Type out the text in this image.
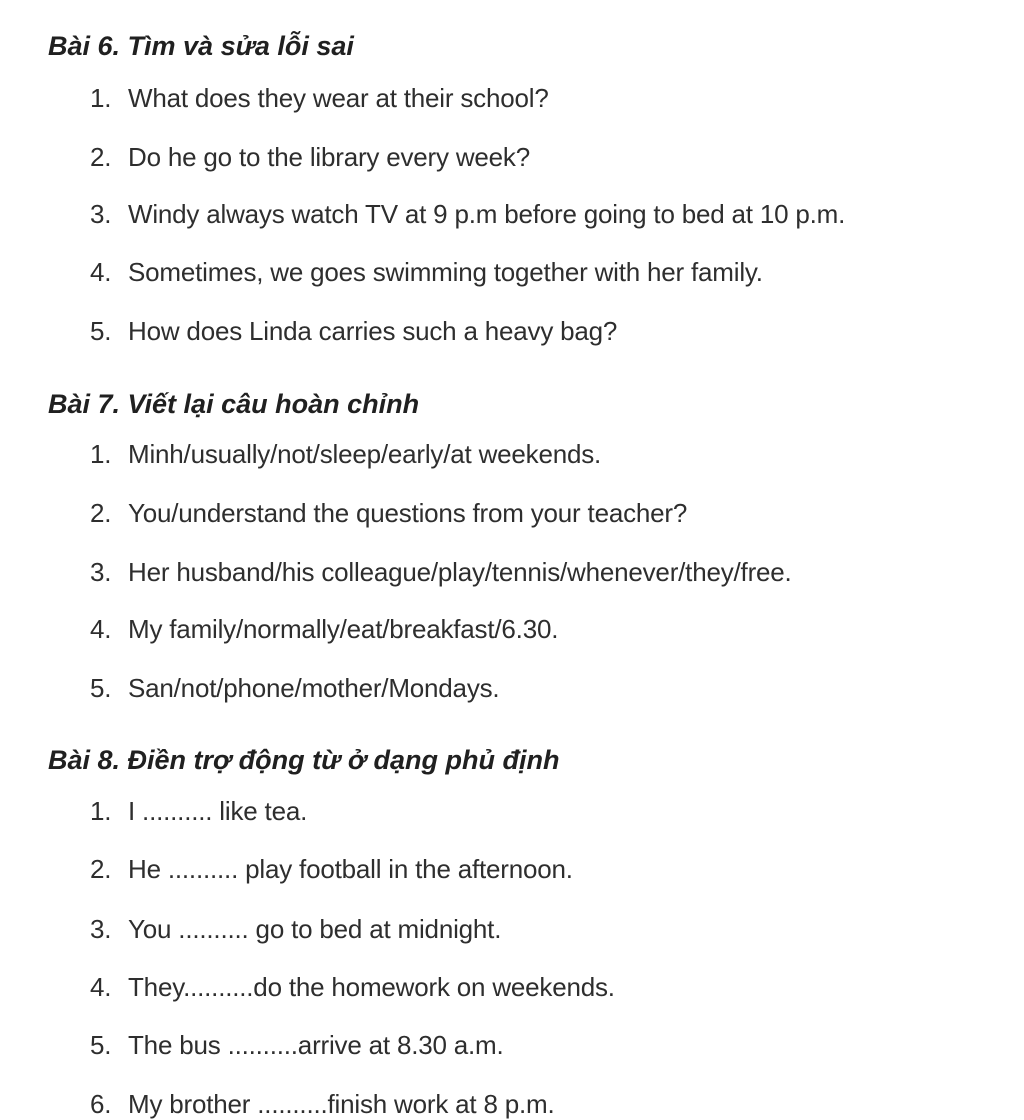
Bài 6. Tìm và sửa lỗi sai

1. What does they wear at their school?

2. Do he go to the library every week?

3. Windy always watch TV at 9 p.m before going to bed at 10 p.m.

4. Sometimes, we goes swimming together with her family.

5. How does Linda carries such a heavy bag?

Bài 7. Viết lại câu hoàn chỉnh

1. Minh/usually/not/sleep/early/at weekends.

2. You/understand the questions from your teacher?

3. Her husband/his colleague/play/tennis/whenever/they/free.

4. My family/normally/eat/breakfast/6.30.

5. San/not/phone/mother/Mondays.

Bài 8. Điền trợ động từ ở dạng phủ định

1. I .......... like tea.

2. He .......... play football in the afternoon.

3. You .......... go to bed at midnight.

4. They..........do the homework on weekends.

5. The bus ..........arrive at 8.30 a.m.

6. My brother ..........finish work at 8 p.m.
